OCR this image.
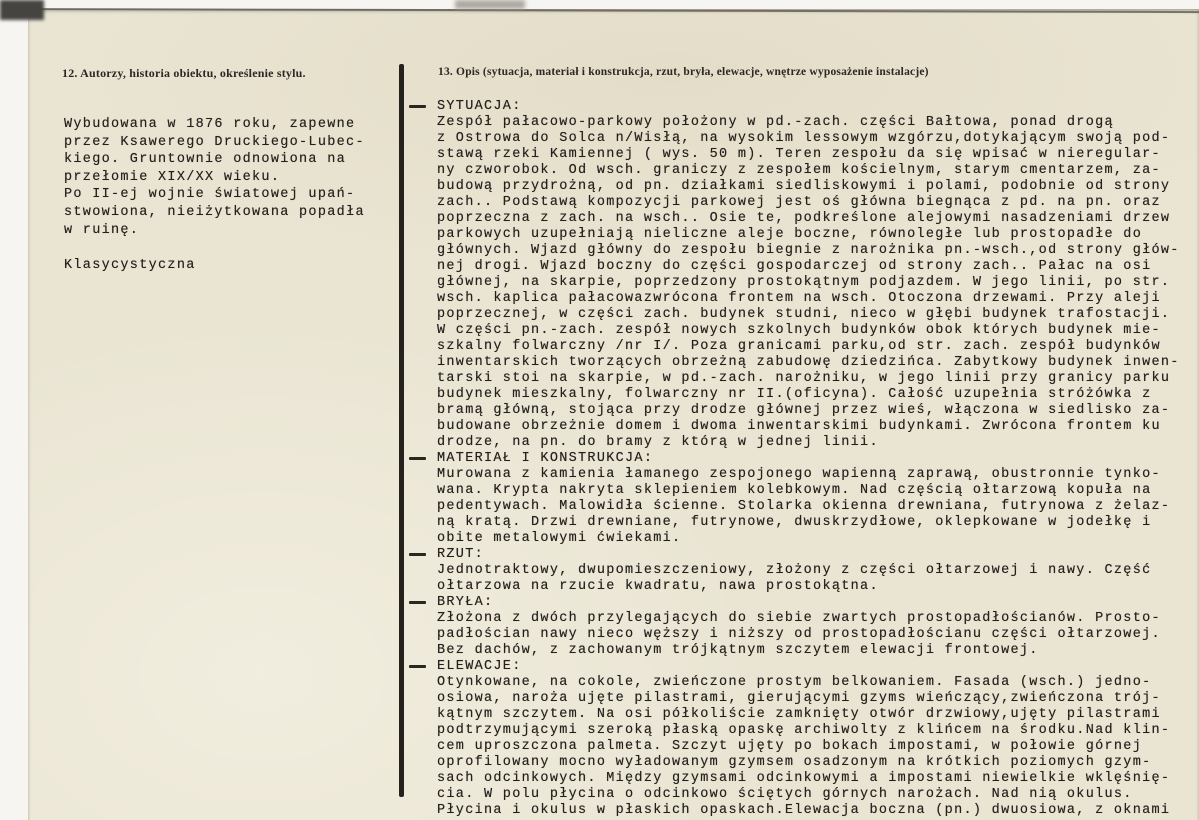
12. Autorzy, historia obiektu, określenie stylu.	13. Opis (sytuacja, materiał i konstrukcja, rzut, bryła, elewacje, wnętrze wyposażenie instalacje)
Wybudowana w 1876 roku, zapewne
przez Ksawerego Druckiego-Lubec-
kiego. Gruntownie odnowiona na
przełomie XIX/XX wieku.
Po II-ej wojnie światowej upań-
stwowiona, nieiżytkowana popadła
w ruinę.

Klasycystyczna
SYTUACJA:
Zespół pałacowo-parkowy położony w pd.-zach. części Bałtowa, ponad drogą
z Ostrowa do Solca n/Wisłą, na wysokim lessowym wzgórzu,dotykającym swoją pod-
stawą rzeki Kamiennej ( wys. 50 m). Teren zespołu da się wpisać w nieregular-
ny czworobok. Od wsch. graniczy z zespołem kościelnym, starym cmentarzem, za-
budową przydrożną, od pn. działkami siedliskowymi i polami, podobnie od strony
zach.. Podstawą kompozycji parkowej jest oś główna biegnąca z pd. na pn. oraz
poprzeczna z zach. na wsch.. Osie te, podkreślone alejowymi nasadzeniami drzew
parkowych uzupełniają nieliczne aleje boczne, równoległe lub prostopadłe do
głównych. Wjazd główny do zespołu biegnie z narożnika pn.-wsch.,od strony głów-
nej drogi. Wjazd boczny do części gospodarczej od strony zach.. Pałac na osi
głównej, na skarpie, poprzedzony prostokątnym podjazdem. W jego linii, po str.
wsch. kaplica pałacowazwrócona frontem na wsch. Otoczona drzewami. Przy aleji
poprzecznej, w części zach. budynek studni, nieco w głębi budynek trafostacji.
W części pn.-zach. zespół nowych szkolnych budynków obok których budynek mie-
szkalny folwarczny /nr I/. Poza granicami parku,od str. zach. zespół budynków
inwentarskich tworzących obrzeżną zabudowę dziedzińca. Zabytkowy budynek inwen-
tarski stoi na skarpie, w pd.-zach. narożniku, w jego linii przy granicy parku
budynek mieszkalny, folwarczny nr II.(oficyna). Całość uzupełnia stróżówka z
bramą główną, stojąca przy drodze głównej przez wieś, włączona w siedlisko za-
budowane obrzeżnie domem i dwoma inwentarskimi budynkami. Zwrócona frontem ku
drodze, na pn. do bramy z którą w jednej linii.
MATERIAŁ I KONSTRUKCJA:
Murowana z kamienia łamanego zespojonego wapienną zaprawą, obustronnie tynko-
wana. Krypta nakryta sklepieniem kolebkowym. Nad częścią ołtarzową kopuła na
pedentywach. Malowidła ścienne. Stolarka okienna drewniana, futrynowa z żelaz-
ną kratą. Drzwi drewniane, futrynowe, dwuskrzydłowe, oklepkowane w jodełkę i
obite metalowymi ćwiekami.
RZUT:
Jednotraktowy, dwupomieszczeniowy, złożony z części ołtarzowej i nawy. Część
ołtarzowa na rzucie kwadratu, nawa prostokątna.
BRYŁA:
Złożona z dwóch przylegających do siebie zwartych prostopadłościanów. Prosto-
padłościan nawy nieco węższy i niższy od prostopadłościanu części ołtarzowej.
Bez dachów, z zachowanym trójkątnym szczytem elewacji frontowej.
ELEWACJE:
Otynkowane, na cokole, zwieńczone prostym belkowaniem. Fasada (wsch.) jedno-
osiowa, naroża ujęte pilastrami, gierującymi gzyms wieńczący,zwieńczona trój-
kątnym szczytem. Na osi półkoliście zamknięty otwór drzwiowy,ujęty pilastrami
podtrzymującymi szeroką płaską opaskę archiwolty z klińcem na środku.Nad klin-
cem uproszczona palmeta. Szczyt ujęty po bokach impostami, w połowie górnej
oprofilowany mocno wyładowanym gzymsem osadzonym na krótkich poziomych gzym-
sach odcinkowych. Między gzymsami odcinkowymi a impostami niewielkie wklęśnię-
cia. W polu płycina o odcinkowo ściętych górnych narożach. Nad nią okulus.
Płycina i okulus w płaskich opaskach.Elewacja boczna (pn.) dwuosiowa, z oknami
